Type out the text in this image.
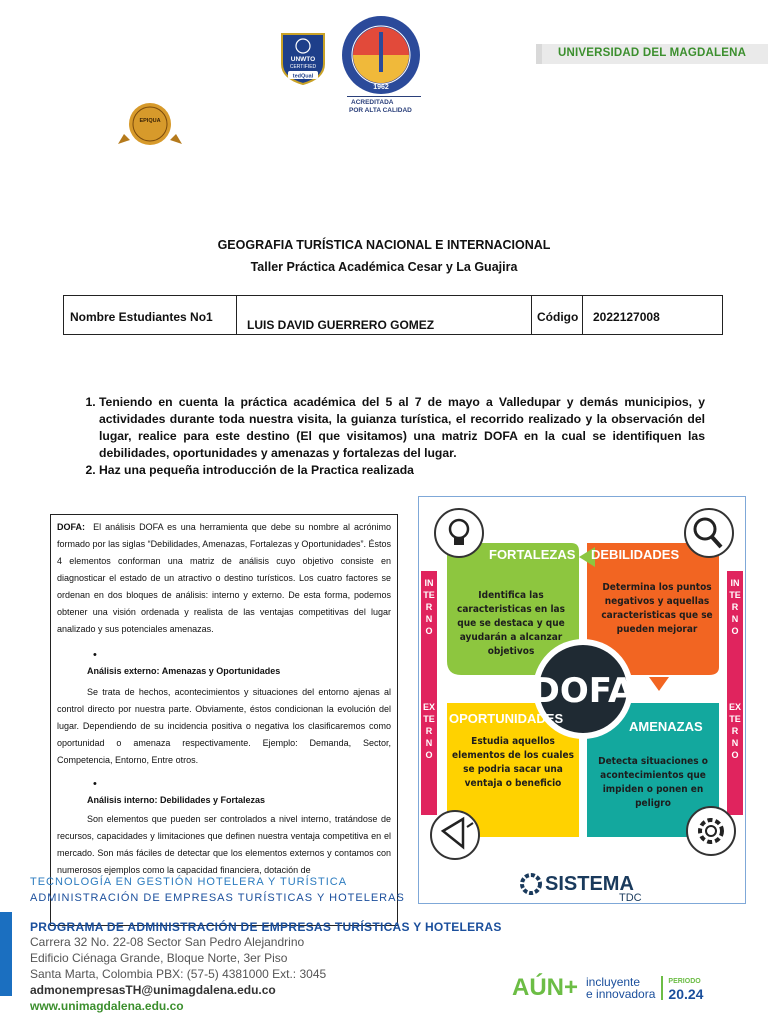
UNWTO
CERTIFIED
tedQual
1962
ACREDITADA
POR ALTA CALIDAD
EPIQUA
UNIVERSIDAD DEL MAGDALENA
GEOGRAFIA TURÍSTICA NACIONAL E INTERNACIONAL
Taller Práctica Académica Cesar y La Guajira
Nombre Estudiantes No1
LUIS DAVID GUERRERO GOMEZ
Código	2022127008
1. Teniendo en cuenta la práctica académica del 5 al 7 de mayo a Valledupar y demás municipios, y actividades durante toda nuestra visita, la guianza turística, el recorrido realizado y la observación del lugar, realice para este destino (El que visitamos) una matriz DOFA en la cual se identifiquen las debilidades, oportunidades y amenazas y fortalezas del lugar.
2. Haz una pequeña introducción de la Practica realizada

DOFA: El análisis DOFA es una herramienta que debe su nombre al acrónimo formado por las siglas “Debilidades, Amenazas, Fortalezas y Oportunidades”. Éstos 4 elementos conforman una matriz de análisis cuyo objetivo consiste en diagnosticar el estado de un atractivo o destino turísticos. Los cuatro factores se ordenan en dos bloques de análisis: interno y externo. De esta forma, podemos obtener una visión ordenada y realista de las ventajas competitivas del lugar analizado y sus potenciales amenazas.

•
Análisis externo: Amenazas y Oportunidades

Se trata de hechos, acontecimientos y situaciones del entorno ajenas al control directo por nuestra parte. Obviamente, éstos condicionan la evolución del lugar. Dependiendo de su incidencia positiva o negativa los clasificaremos como oportunidad o amenaza respectivamente. Ejemplo: Demanda, Sector, Competencia, Entorno, Entre otros.

•
Análisis interno: Debilidades y Fortalezas

Son elementos que pueden ser controlados a nivel interno, tratándose de recursos, capacidades y limitaciones que definen nuestra ventaja competitiva en el mercado. Son más fáciles de detectar que los elementos externos y contamos con numerosos ejemplos como la capacidad financiera, dotación de

DOFA
SISTEMA
TDC
INTERNO
EXTERNO
INTERNO
EXTERNO
FORTALEZAS
Identifica las caracteristicas en las que se destaca y que ayudarán a alcanzar objetivos
DEBILIDADES
Determina los puntos negativos y aquellas caracteristicas que se pueden mejorar
OPORTUNIDADES
Estudia aquellos elementos de los cuales se podria sacar una ventaja o beneficio
AMENAZAS
Detecta situaciones o acontecimientos que impiden o ponen en peligro
TECNOLOGÍA EN GESTIÓN HOTELERA Y TURÍSTICA
ADMINISTRACIÓN DE EMPRESAS TURÍSTICAS Y HOTELERAS
PROGRAMA DE ADMINISTRACIÓN DE EMPRESAS TURÍSTICAS Y HOTELERAS
Carrera 32 No. 22-08 Sector San Pedro Alejandrino
Edificio Ciénaga Grande, Bloque Norte, 3er Piso
Santa Marta, Colombia PBX: (57-5) 4381000 Ext.: 3045
admonempresasTH@unimagdalena.edu.co
www.unimagdalena.edu.co
AÚN+ incluyente
e innovadora
PERIODO
20.24
